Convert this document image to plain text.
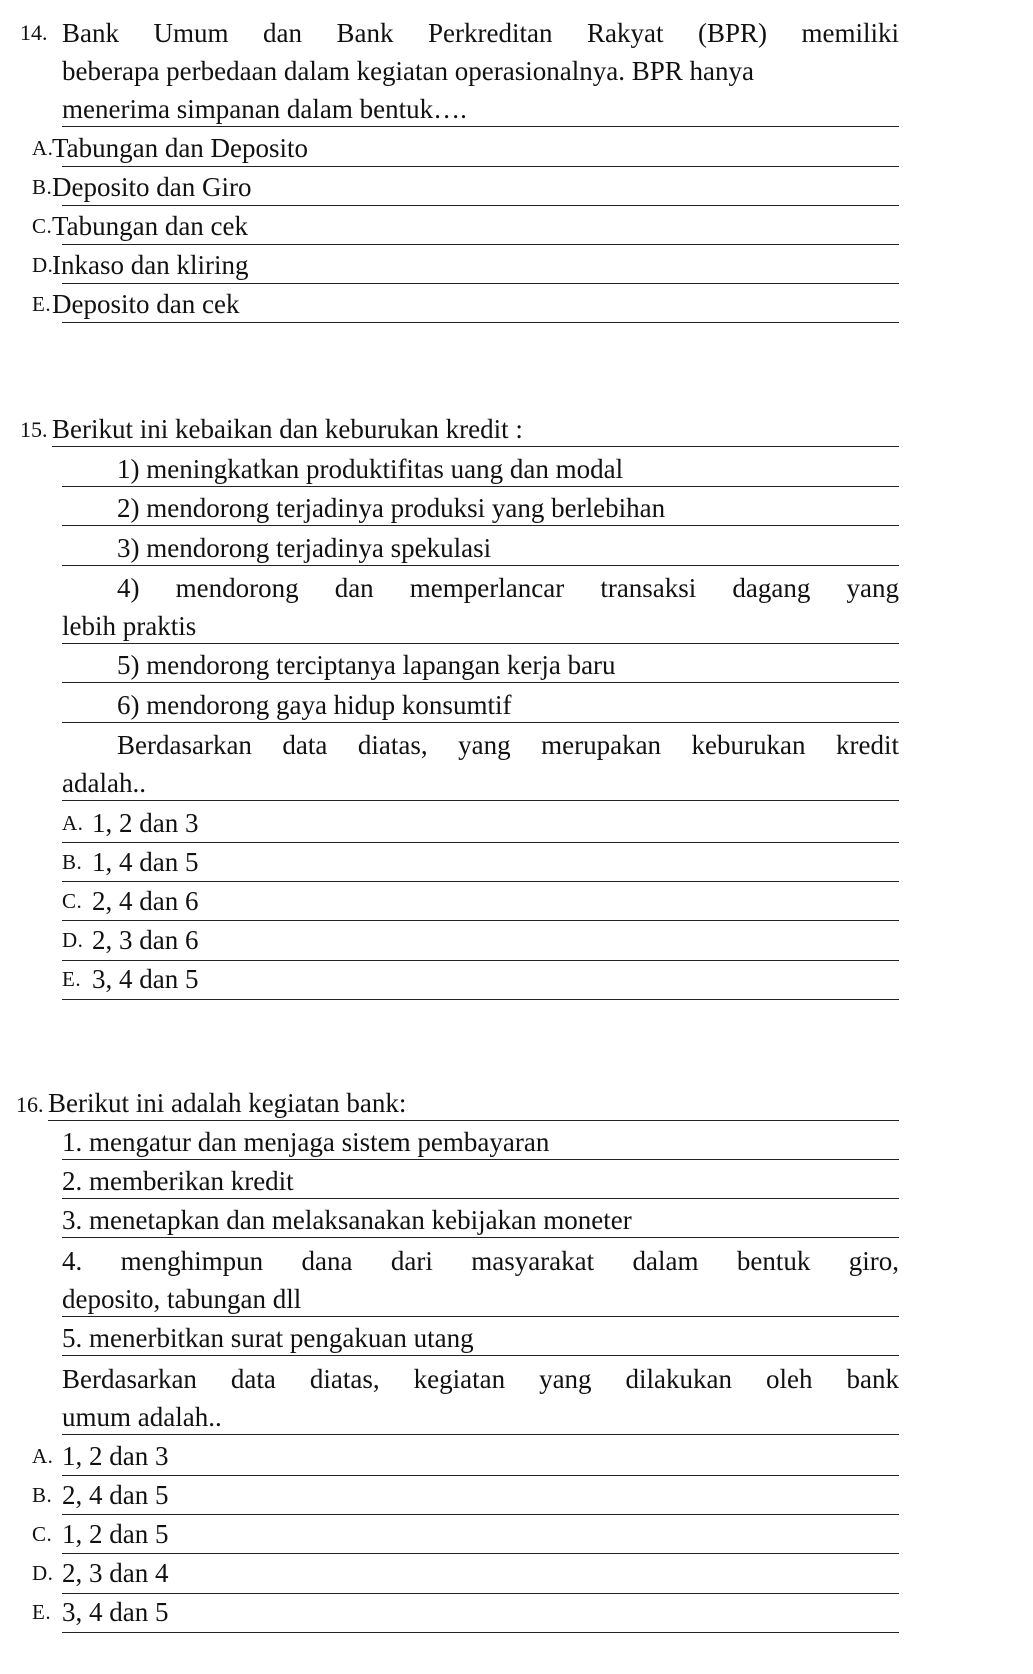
14. Bank Umum dan Bank Perkreditan Rakyat (BPR) memiliki
beberapa perbedaan dalam kegiatan operasionalnya. BPR hanya
menerima simpanan dalam bentuk….
A.
Tabungan dan Deposito
B. Deposito dan Giro
C. Tabungan dan cek
D.
Inkaso dan kliring
E. Deposito dan cek
15. Berikut ini kebaikan dan keburukan kredit :
1) meningkatkan produktifitas uang dan modal
2) mendorong terjadinya produksi yang berlebihan
3) mendorong terjadinya spekulasi
4) mendorong dan memperlancar transaksi dagang yang
lebih praktis
5) mendorong terciptanya lapangan kerja baru
6) mendorong gaya hidup konsumtif
Berdasarkan data diatas, yang merupakan keburukan kredit
adalah..
A. 1, 2 dan 3
B. 1, 4 dan 5
C. 2, 4 dan 6
D. 2, 3 dan 6
E. 3, 4 dan 5
16. Berikut ini adalah kegiatan bank:
1. mengatur dan menjaga sistem pembayaran
2. memberikan kredit
3. menetapkan dan melaksanakan kebijakan moneter
4. menghimpun dana dari masyarakat dalam bentuk giro,
deposito, tabungan dll
5. menerbitkan surat pengakuan utang
Berdasarkan data diatas, kegiatan yang dilakukan oleh bank
umum adalah..
A. 1, 2 dan 3
B. 2, 4 dan 5
C. 1, 2 dan 5
D. 2, 3 dan 4
E. 3, 4 dan 5
